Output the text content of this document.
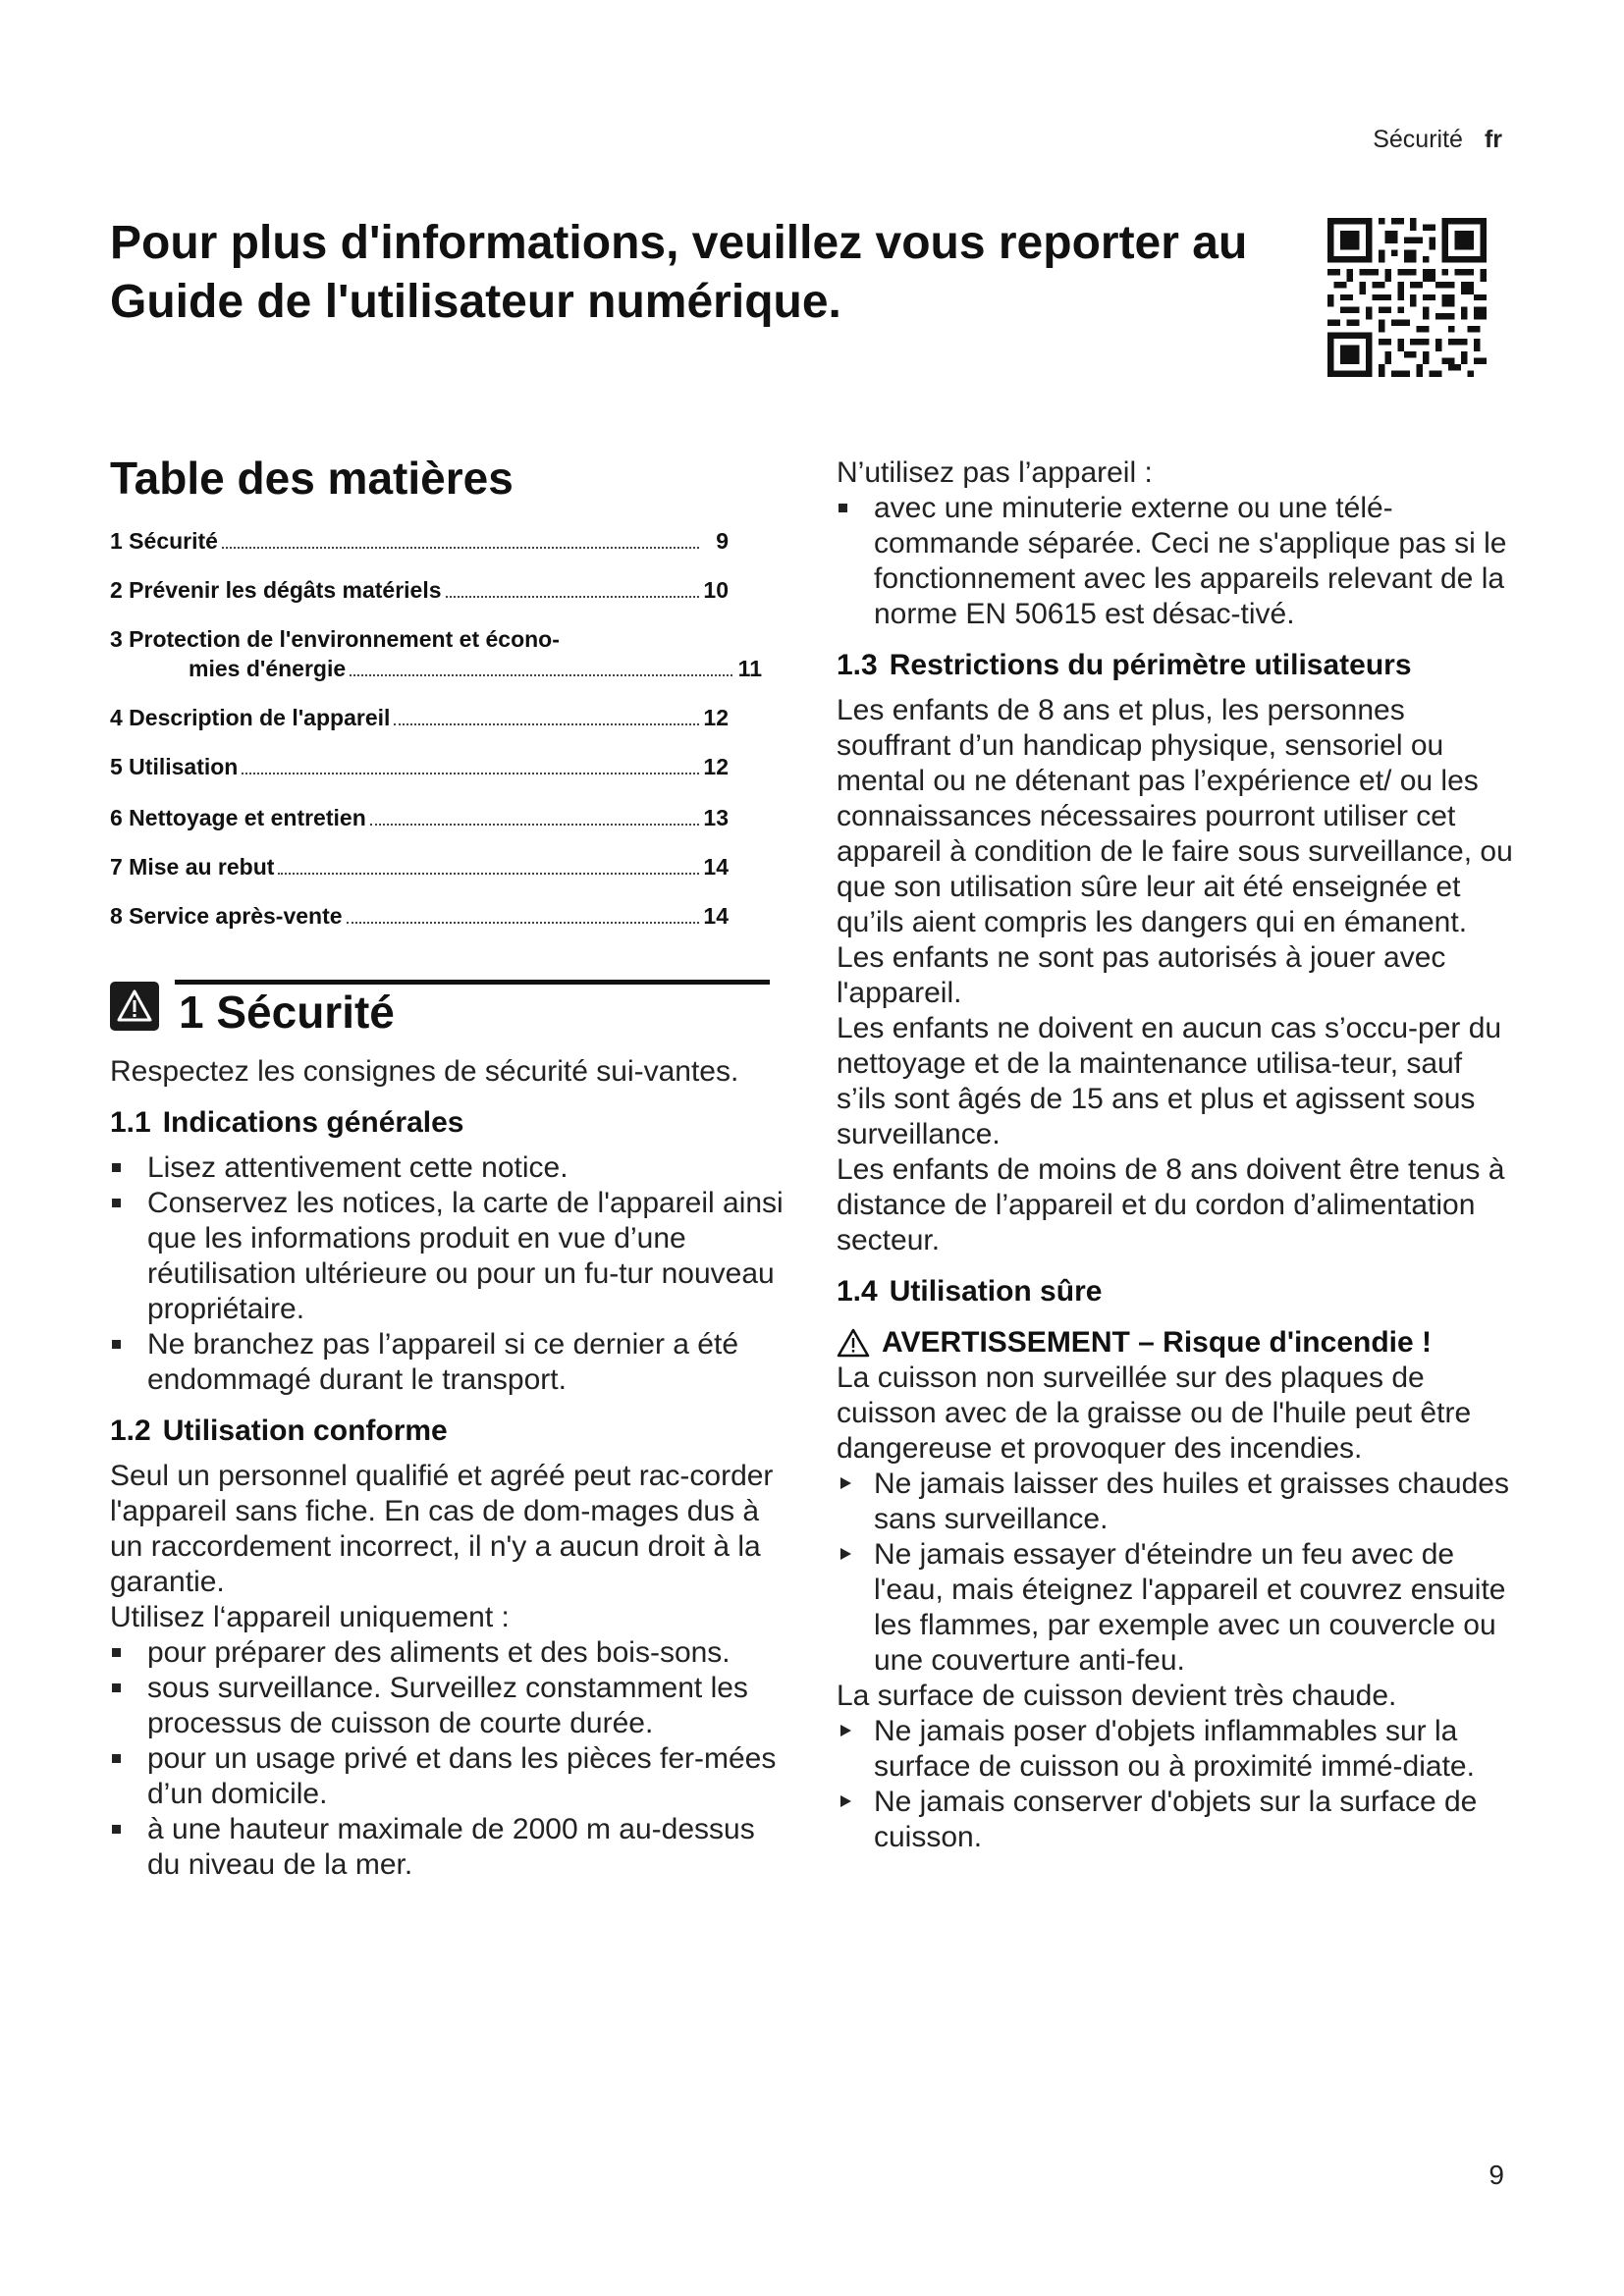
Sécurité fr
Pour plus d'informations, veuillez vous reporter au
Guide de l'utilisateur numérique.
Table des matières
1 Sécurité	9
2 Prévenir les dégâts matériels	10
3 Protection de l'environnement et écono-
mies d'énergie	11
4 Description de l'appareil	12
5 Utilisation	12
6 Nettoyage et entretien	13
7 Mise au rebut	14
8 Service après-vente	14
1 Sécurité

Respectez les consignes de sécurité sui-vantes.

1.1 Indications générales
Lisez attentivement cette notice.
Conservez les notices, la carte de l'appareil ainsi que les informations produit en vue d’une réutilisation ultérieure ou pour un fu-tur nouveau propriétaire.
Ne branchez pas l’appareil si ce dernier a été endommagé durant le transport.
1.2 Utilisation conforme

Seul un personnel qualifié et agréé peut rac-corder l'appareil sans fiche. En cas de dom-mages dus à un raccordement incorrect, il n'y a aucun droit à la garantie.

Utilisez l‘appareil uniquement :

pour préparer des aliments et des bois-sons.
sous surveillance. Surveillez constamment les processus de cuisson de courte durée.
pour un usage privé et dans les pièces fer-mées d’un domicile.
à une hauteur maximale de 2000 m au-dessus du niveau de la mer.

N’utilisez pas l’appareil :

avec une minuterie externe ou une télé-commande séparée. Ceci ne s'applique pas si le fonctionnement avec les appareils relevant de la norme EN 50615 est désac-tivé.
1.3 Restrictions du périmètre utilisateurs

Les enfants de 8 ans et plus, les personnes souffrant d’un handicap physique, sensoriel ou mental ou ne détenant pas l’expérience et/ ou les connaissances nécessaires pourront utiliser cet appareil à condition de le faire sous surveillance, ou que son utilisation sûre leur ait été enseignée et qu’ils aient compris les dangers qui en émanent.

Les enfants ne sont pas autorisés à jouer avec l'appareil.

Les enfants ne doivent en aucun cas s’occu-per du nettoyage et de la maintenance utilisa-teur, sauf s’ils sont âgés de 15 ans et plus et agissent sous surveillance.

Les enfants de moins de 8 ans doivent être tenus à distance de l’appareil et du cordon d’alimentation secteur.

1.4 Utilisation sûre
AVERTISSEMENT – Risque d'incendie !

La cuisson non surveillée sur des plaques de cuisson avec de la graisse ou de l'huile peut être dangereuse et provoquer des incendies.

Ne jamais laisser des huiles et graisses chaudes sans surveillance.
Ne jamais essayer d'éteindre un feu avec de l'eau, mais éteignez l'appareil et couvrez ensuite les flammes, par exemple avec un couvercle ou une couverture anti-feu.

La surface de cuisson devient très chaude.

Ne jamais poser d'objets inflammables sur la surface de cuisson ou à proximité immé-diate.
Ne jamais conserver d'objets sur la surface de cuisson.
9
